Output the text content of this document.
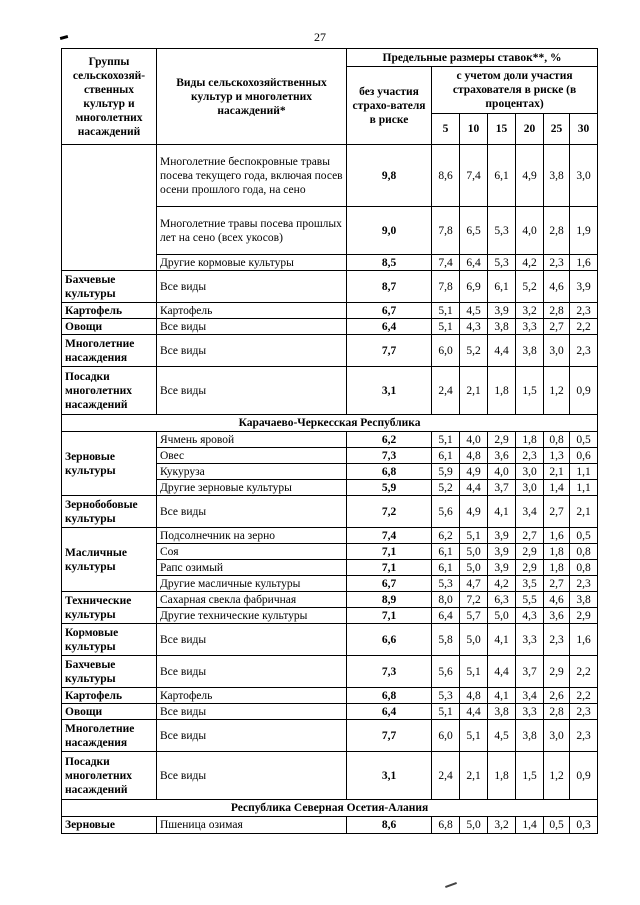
27
Группы сельскохозяй-ственных культур и многолетних насаждений	Виды сельскохозяйственных культур и многолетних насаждений*	Предельные размеры ставок**, %						
		без участия страхо-вателя в риске	с учетом доли участия страхователя в риске (в процентах)					
			5	10	15	20	25	30
	Многолетние беспокровные травы посева текущего года, включая посев осени прошлого года, на сено	9,8	8,6	7,4	6,1	4,9	3,8	3,0
	Многолетние травы посева прошлых лет на сено (всех укосов)	9,0	7,8	6,5	5,3	4,0	2,8	1,9
	Другие кормовые культуры	8,5	7,4	6,4	5,3	4,2	2,3	1,6
Бахчевые культуры	Все виды	8,7	7,8	6,9	6,1	5,2	4,6	3,9
Картофель	Картофель	6,7	5,1	4,5	3,9	3,2	2,8	2,3
Овощи	Все виды	6,4	5,1	4,3	3,8	3,3	2,7	2,2
Многолетние насаждения	Все виды	7,7	6,0	5,2	4,4	3,8	3,0	2,3
Посадки многолетних насаждений	Все виды	3,1	2,4	2,1	1,8	1,5	1,2	0,9
Карачаево-Черкесская Республика								
Зерновые культуры	Ячмень яровой	6,2	5,1	4,0	2,9	1,8	0,8	0,5
	Овес	7,3	6,1	4,8	3,6	2,3	1,3	0,6
	Кукуруза	6,8	5,9	4,9	4,0	3,0	2,1	1,1
	Другие зерновые культуры	5,9	5,2	4,4	3,7	3,0	1,4	1,1
Зернобобовые культуры	Все виды	7,2	5,6	4,9	4,1	3,4	2,7	2,1
Масличные культуры	Подсолнечник на зерно	7,4	6,2	5,1	3,9	2,7	1,6	0,5
	Соя	7,1	6,1	5,0	3,9	2,9	1,8	0,8
	Рапс озимый	7,1	6,1	5,0	3,9	2,9	1,8	0,8
	Другие масличные культуры	6,7	5,3	4,7	4,2	3,5	2,7	2,3
Технические культуры	Сахарная свекла фабричная	8,9	8,0	7,2	6,3	5,5	4,6	3,8
	Другие технические культуры	7,1	6,4	5,7	5,0	4,3	3,6	2,9
Кормовые культуры	Все виды	6,6	5,8	5,0	4,1	3,3	2,3	1,6
Бахчевые культуры	Все виды	7,3	5,6	5,1	4,4	3,7	2,9	2,2
Картофель	Картофель	6,8	5,3	4,8	4,1	3,4	2,6	2,2
Овощи	Все виды	6,4	5,1	4,4	3,8	3,3	2,8	2,3
Многолетние насаждения	Все виды	7,7	6,0	5,1	4,5	3,8	3,0	2,3
Посадки многолетних насаждений	Все виды	3,1	2,4	2,1	1,8	1,5	1,2	0,9
Республика Северная Осетия-Алания								
Зерновые	Пшеница озимая	8,6	6,8	5,0	3,2	1,4	0,5	0,3
